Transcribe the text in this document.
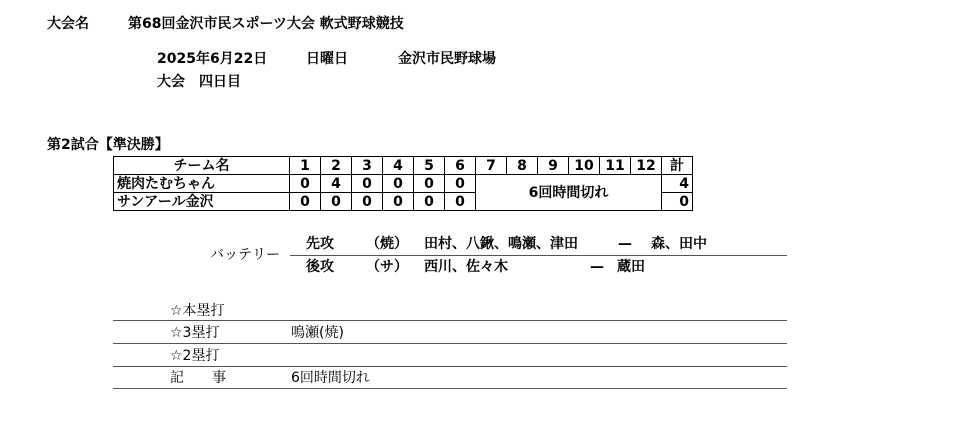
大会名	第68回金沢市民スポーツ大会 軟式野球競技
2025年6月22日	日曜日	金沢市民野球場
大会　四日目
第2試合【準決勝】
チーム名	1	2	3	4	5	6	7	8	9	10	11	12	計
焼肉たむちゃん	0	4	0	0	0	0	6回時間切れ						4
サンアール金沢	0	0	0	0	0	0							0
バッテリー
先攻 （焼） 田村、八鍬、鳴瀬、津田	— 森、田中
後攻 （サ） 西川、佐々木	— 蔵田
☆本塁打
☆3塁打	鳴瀬(焼)
☆2塁打
記　　事	6回時間切れ
